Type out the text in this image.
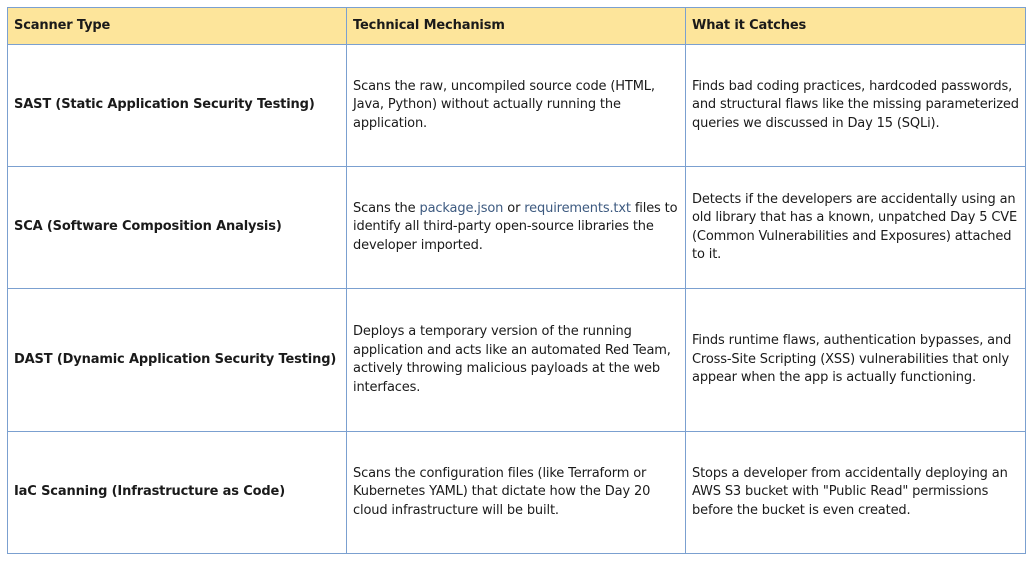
Scanner Type	Technical Mechanism	What it Catches
SAST (Static Application Security Testing)	Scans the raw, uncompiled source code (HTML, Java, Python) without actually running the application.	Finds bad coding practices, hardcoded passwords, and structural flaws like the missing parameterized queries we discussed in Day 15 (SQLi).
SCA (Software Composition Analysis)	Scans the package.json or requirements.txt files to identify all third-party open-source libraries the developer imported.	Detects if the developers are accidentally using an old library that has a known, unpatched Day 5 CVE (Common Vulnerabilities and Exposures) attached to it.
DAST (Dynamic Application Security Testing)	Deploys a temporary version of the running application and acts like an automated Red Team, actively throwing malicious payloads at the web interfaces.	Finds runtime flaws, authentication bypasses, and Cross-Site Scripting (XSS) vulnerabilities that only appear when the app is actually functioning.
IaC Scanning (Infrastructure as Code)	Scans the configuration files (like Terraform or Kubernetes YAML) that dictate how the Day 20 cloud infrastructure will be built.	Stops a developer from accidentally deploying an AWS S3 bucket with "Public Read" permissions before the bucket is even created.
